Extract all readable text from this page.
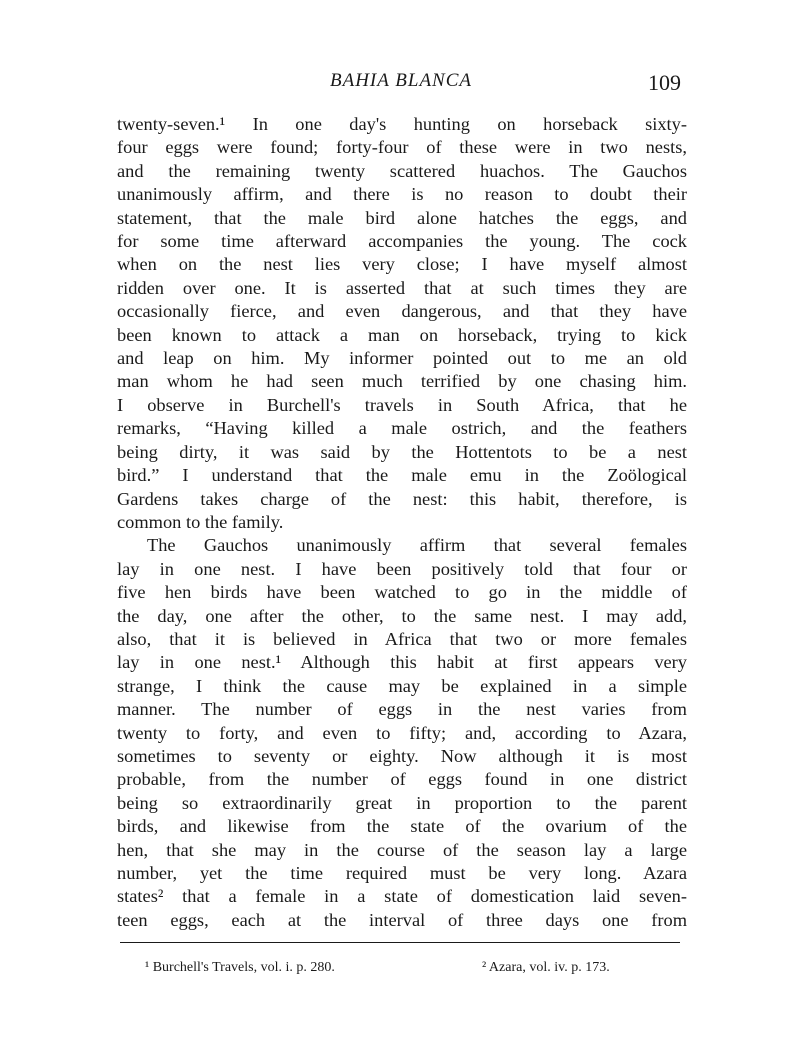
BAHIA BLANCA	109
twenty-seven.¹ In one day's hunting on horseback sixty-
four eggs were found; forty-four of these were in two nests,
and the remaining twenty scattered huachos. The Gauchos
unanimously affirm, and there is no reason to doubt their
statement, that the male bird alone hatches the eggs, and
for some time afterward accompanies the young. The cock
when on the nest lies very close; I have myself almost
ridden over one. It is asserted that at such times they are
occasionally fierce, and even dangerous, and that they have
been known to attack a man on horseback, trying to kick
and leap on him. My informer pointed out to me an old
man whom he had seen much terrified by one chasing him.
I observe in Burchell's travels in South Africa, that he
remarks, “Having killed a male ostrich, and the feathers
being dirty, it was said by the Hottentots to be a nest
bird.” I understand that the male emu in the Zoölogical
Gardens takes charge of the nest: this habit, therefore, is
common to the family.
The Gauchos unanimously affirm that several females
lay in one nest. I have been positively told that four or
five hen birds have been watched to go in the middle of
the day, one after the other, to the same nest. I may add,
also, that it is believed in Africa that two or more females
lay in one nest.¹ Although this habit at first appears very
strange, I think the cause may be explained in a simple
manner. The number of eggs in the nest varies from
twenty to forty, and even to fifty; and, according to Azara,
sometimes to seventy or eighty. Now although it is most
probable, from the number of eggs found in one district
being so extraordinarily great in proportion to the parent
birds, and likewise from the state of the ovarium of the
hen, that she may in the course of the season lay a large
number, yet the time required must be very long. Azara
states² that a female in a state of domestication laid seven-
teen eggs, each at the interval of three days one from
¹ Burchell's Travels, vol. i. p. 280.	² Azara, vol. iv. p. 173.
